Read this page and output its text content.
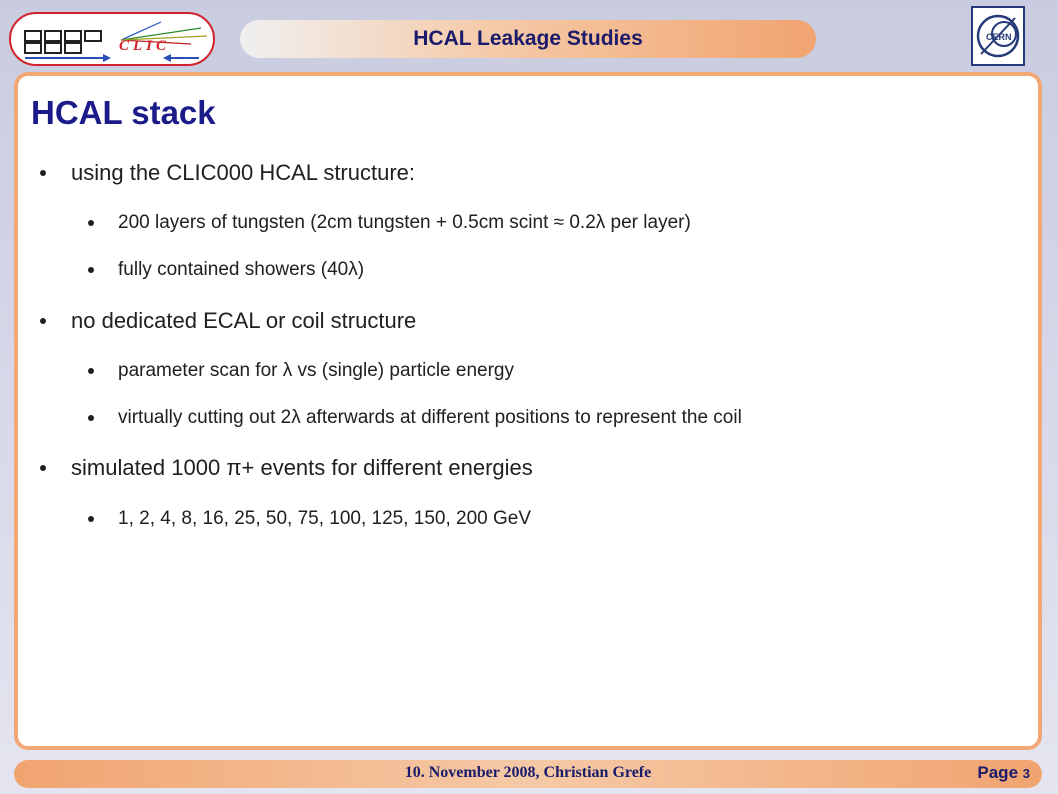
CLIC	HCAL Leakage Studies	CERN
HCAL stack
using the CLIC000 HCAL structure:
200 layers of tungsten (2cm tungsten + 0.5cm scint ≈ 0.2λ per layer)
fully contained showers (40λ)
no dedicated ECAL or coil structure
parameter scan for λ vs (single) particle energy
virtually cutting out 2λ afterwards at different positions to represent the coil
simulated 1000 π+ events for different energies
1, 2, 4, 8, 16, 25, 50, 75, 100, 125, 150, 200 GeV
10. November 2008, Christian Grefe	Page 3
